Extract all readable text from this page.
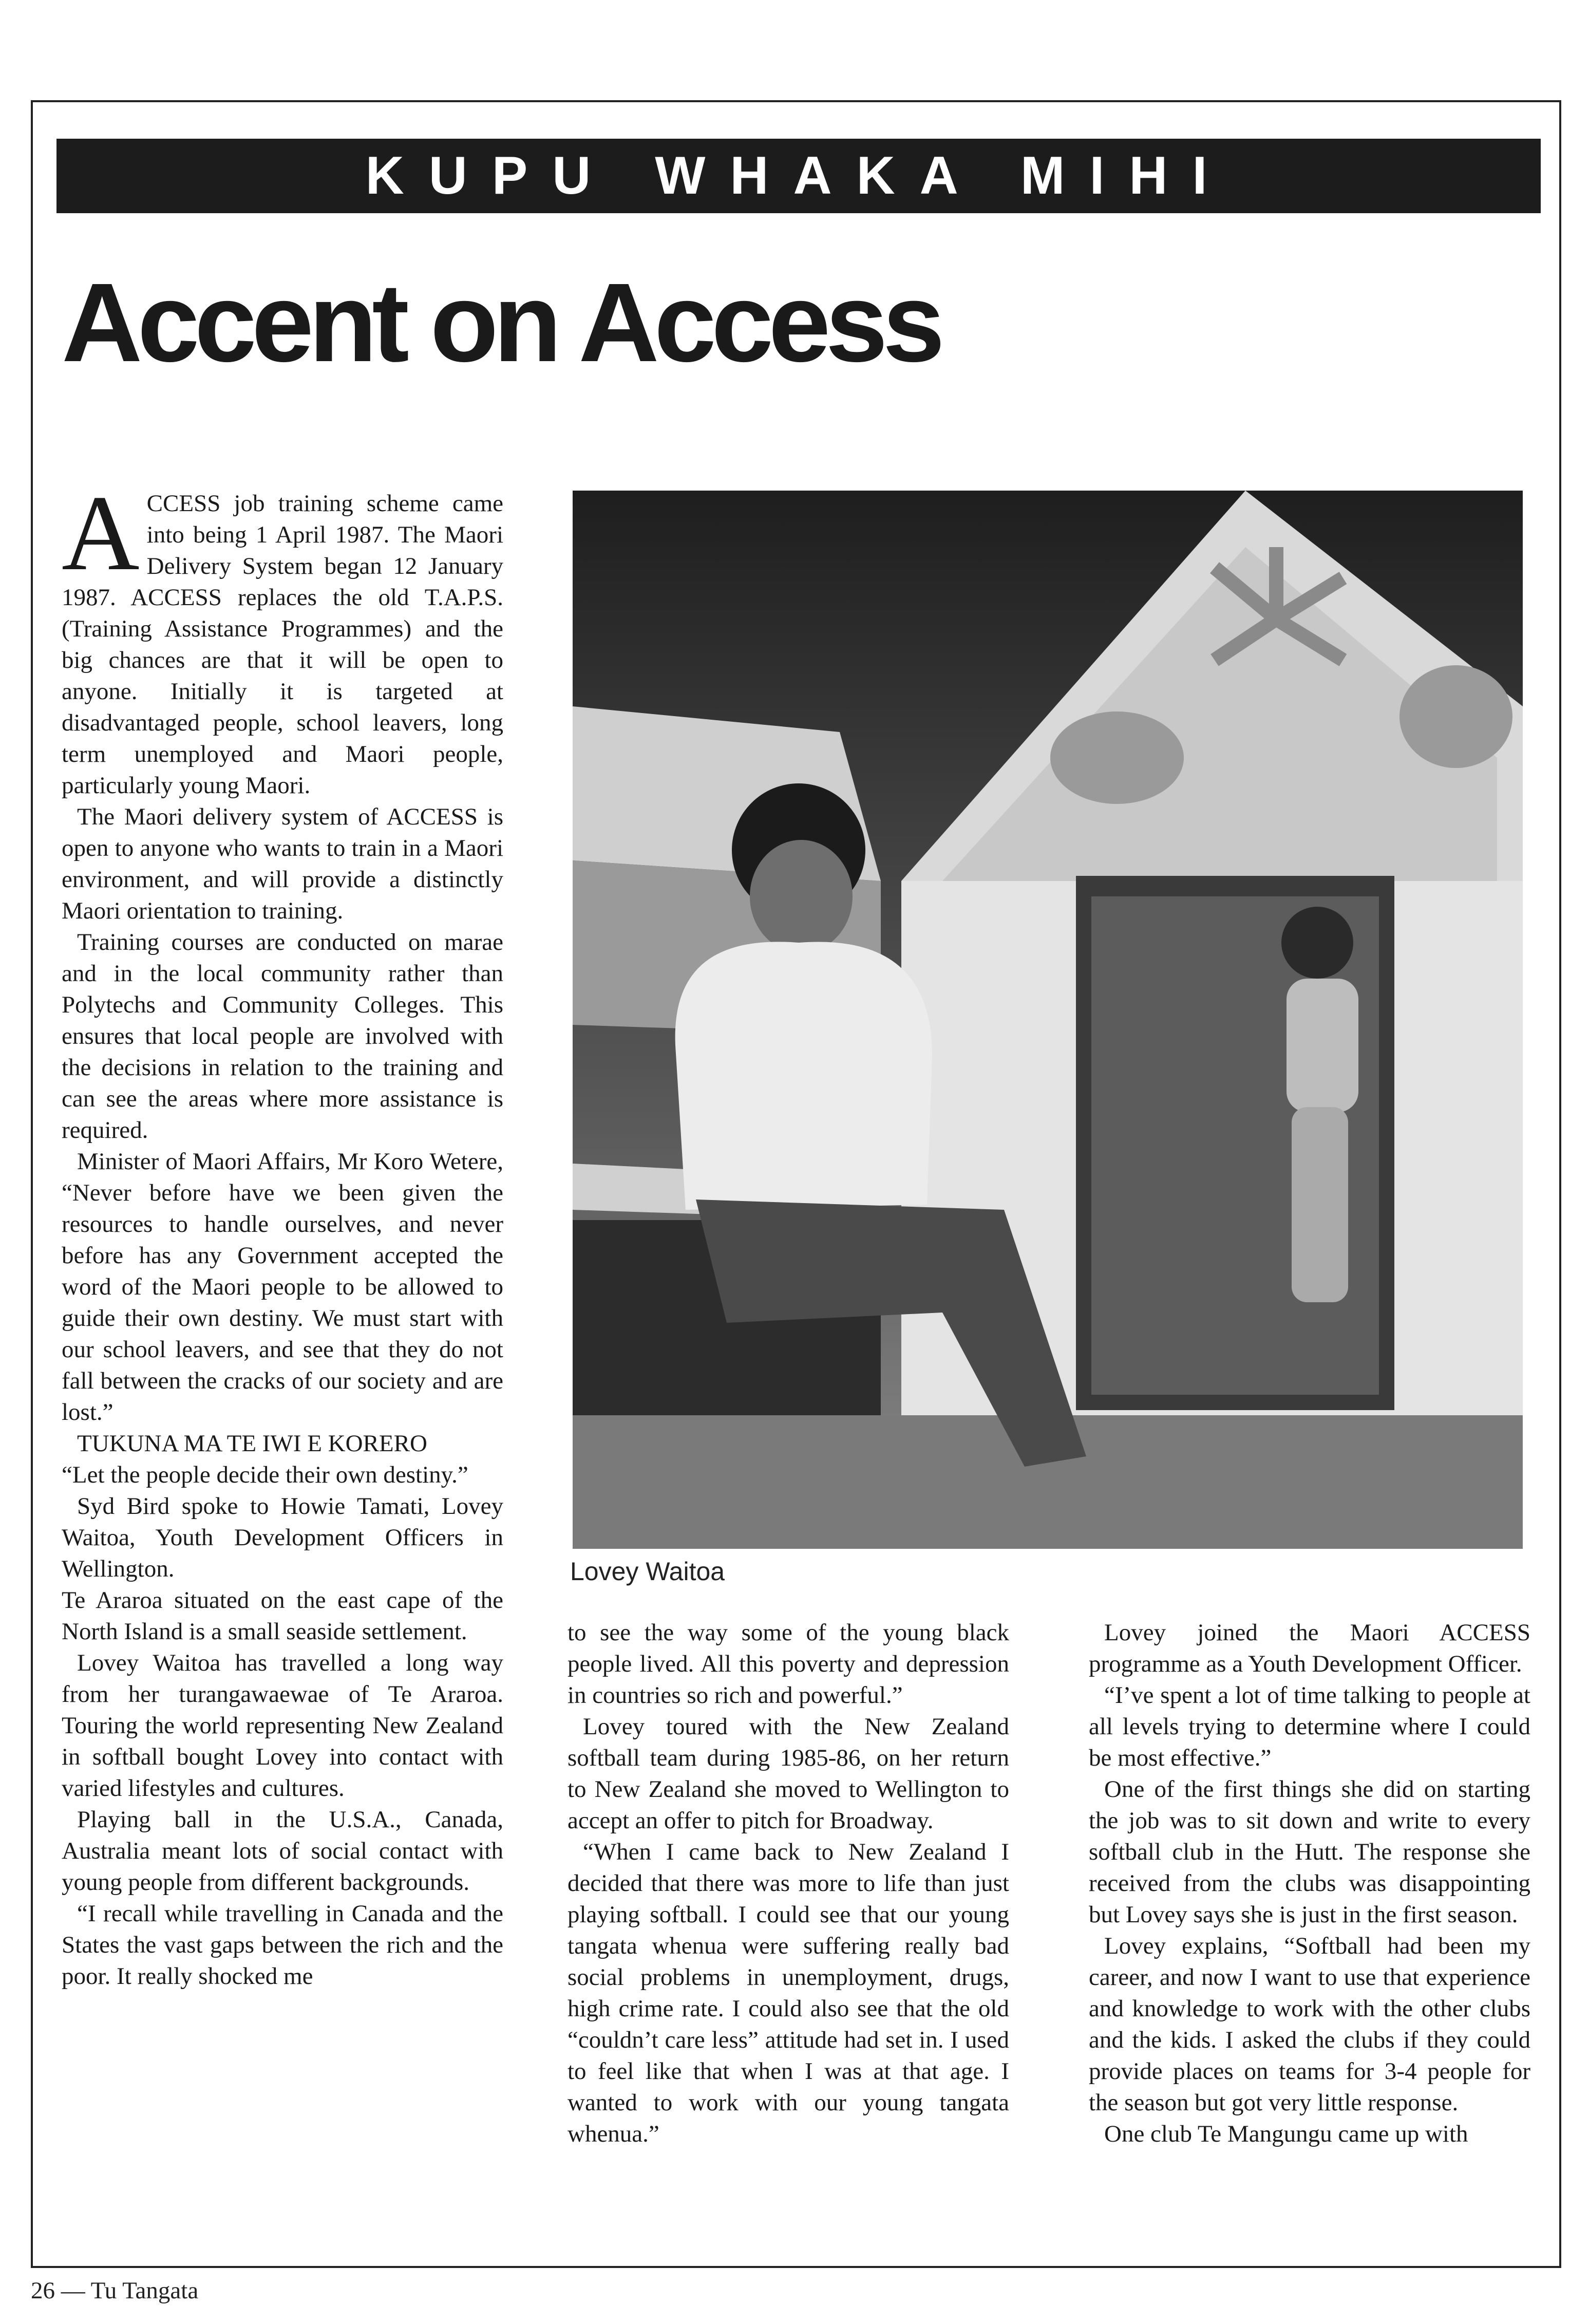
KUPU WHAKA MIHI
Accent on Access

ACCESS job training scheme came into being 1 April 1987. The Maori Delivery System began 12 January 1987. ACCESS replaces the old T.A.P.S. (Training Assistance Programmes) and the big chances are that it will be open to anyone. Initially it is targeted at disadvantaged people, school leavers, long term unemployed and Maori people, particularly young Maori.

The Maori delivery system of ACCESS is open to anyone who wants to train in a Maori environment, and will provide a distinctly Maori orientation to training.

Training courses are conducted on marae and in the local community rather than Polytechs and Community Colleges. This ensures that local people are involved with the decisions in relation to the training and can see the areas where more assistance is required.

Minister of Maori Affairs, Mr Koro Wetere, “Never before have we been given the resources to handle ourselves, and never before has any Government accepted the word of the Maori people to be allowed to guide their own destiny. We must start with our school leavers, and see that they do not fall between the cracks of our society and are lost.”

TUKUNA MA TE IWI E KORERO

“Let the people decide their own destiny.”

Syd Bird spoke to Howie Tamati, Lovey Waitoa, Youth Development Officers in Wellington.

Te Araroa situated on the east cape of the North Island is a small seaside settlement.

Lovey Waitoa has travelled a long way from her turangawaewae of Te Araroa. Touring the world representing New Zealand in softball bought Lovey into contact with varied lifestyles and cultures.

Playing ball in the U.S.A., Canada, Australia meant lots of social contact with young people from different backgrounds.

“I recall while travelling in Canada and the States the vast gaps between the rich and the poor. It really shocked me

Lovey Waitoa

to see the way some of the young black people lived. All this poverty and depression in countries so rich and powerful.”

Lovey toured with the New Zealand softball team during 1985-86, on her return to New Zealand she moved to Wellington to accept an offer to pitch for Broadway.

“When I came back to New Zealand I decided that there was more to life than just playing softball. I could see that our young tangata whenua were suffering really bad social problems in unemployment, drugs, high crime rate. I could also see that the old “couldn’t care less” attitude had set in. I used to feel like that when I was at that age. I wanted to work with our young tangata whenua.”

Lovey joined the Maori ACCESS programme as a Youth Development Officer.

“I’ve spent a lot of time talking to people at all levels trying to determine where I could be most effective.”

One of the first things she did on starting the job was to sit down and write to every softball club in the Hutt. The response she received from the clubs was disappointing but Lovey says she is just in the first season.

Lovey explains, “Softball had been my career, and now I want to use that experience and knowledge to work with the other clubs and the kids. I asked the clubs if they could provide places on teams for 3-4 people for the season but got very little response.

One club Te Mangungu came up with

26 — Tu Tangata
